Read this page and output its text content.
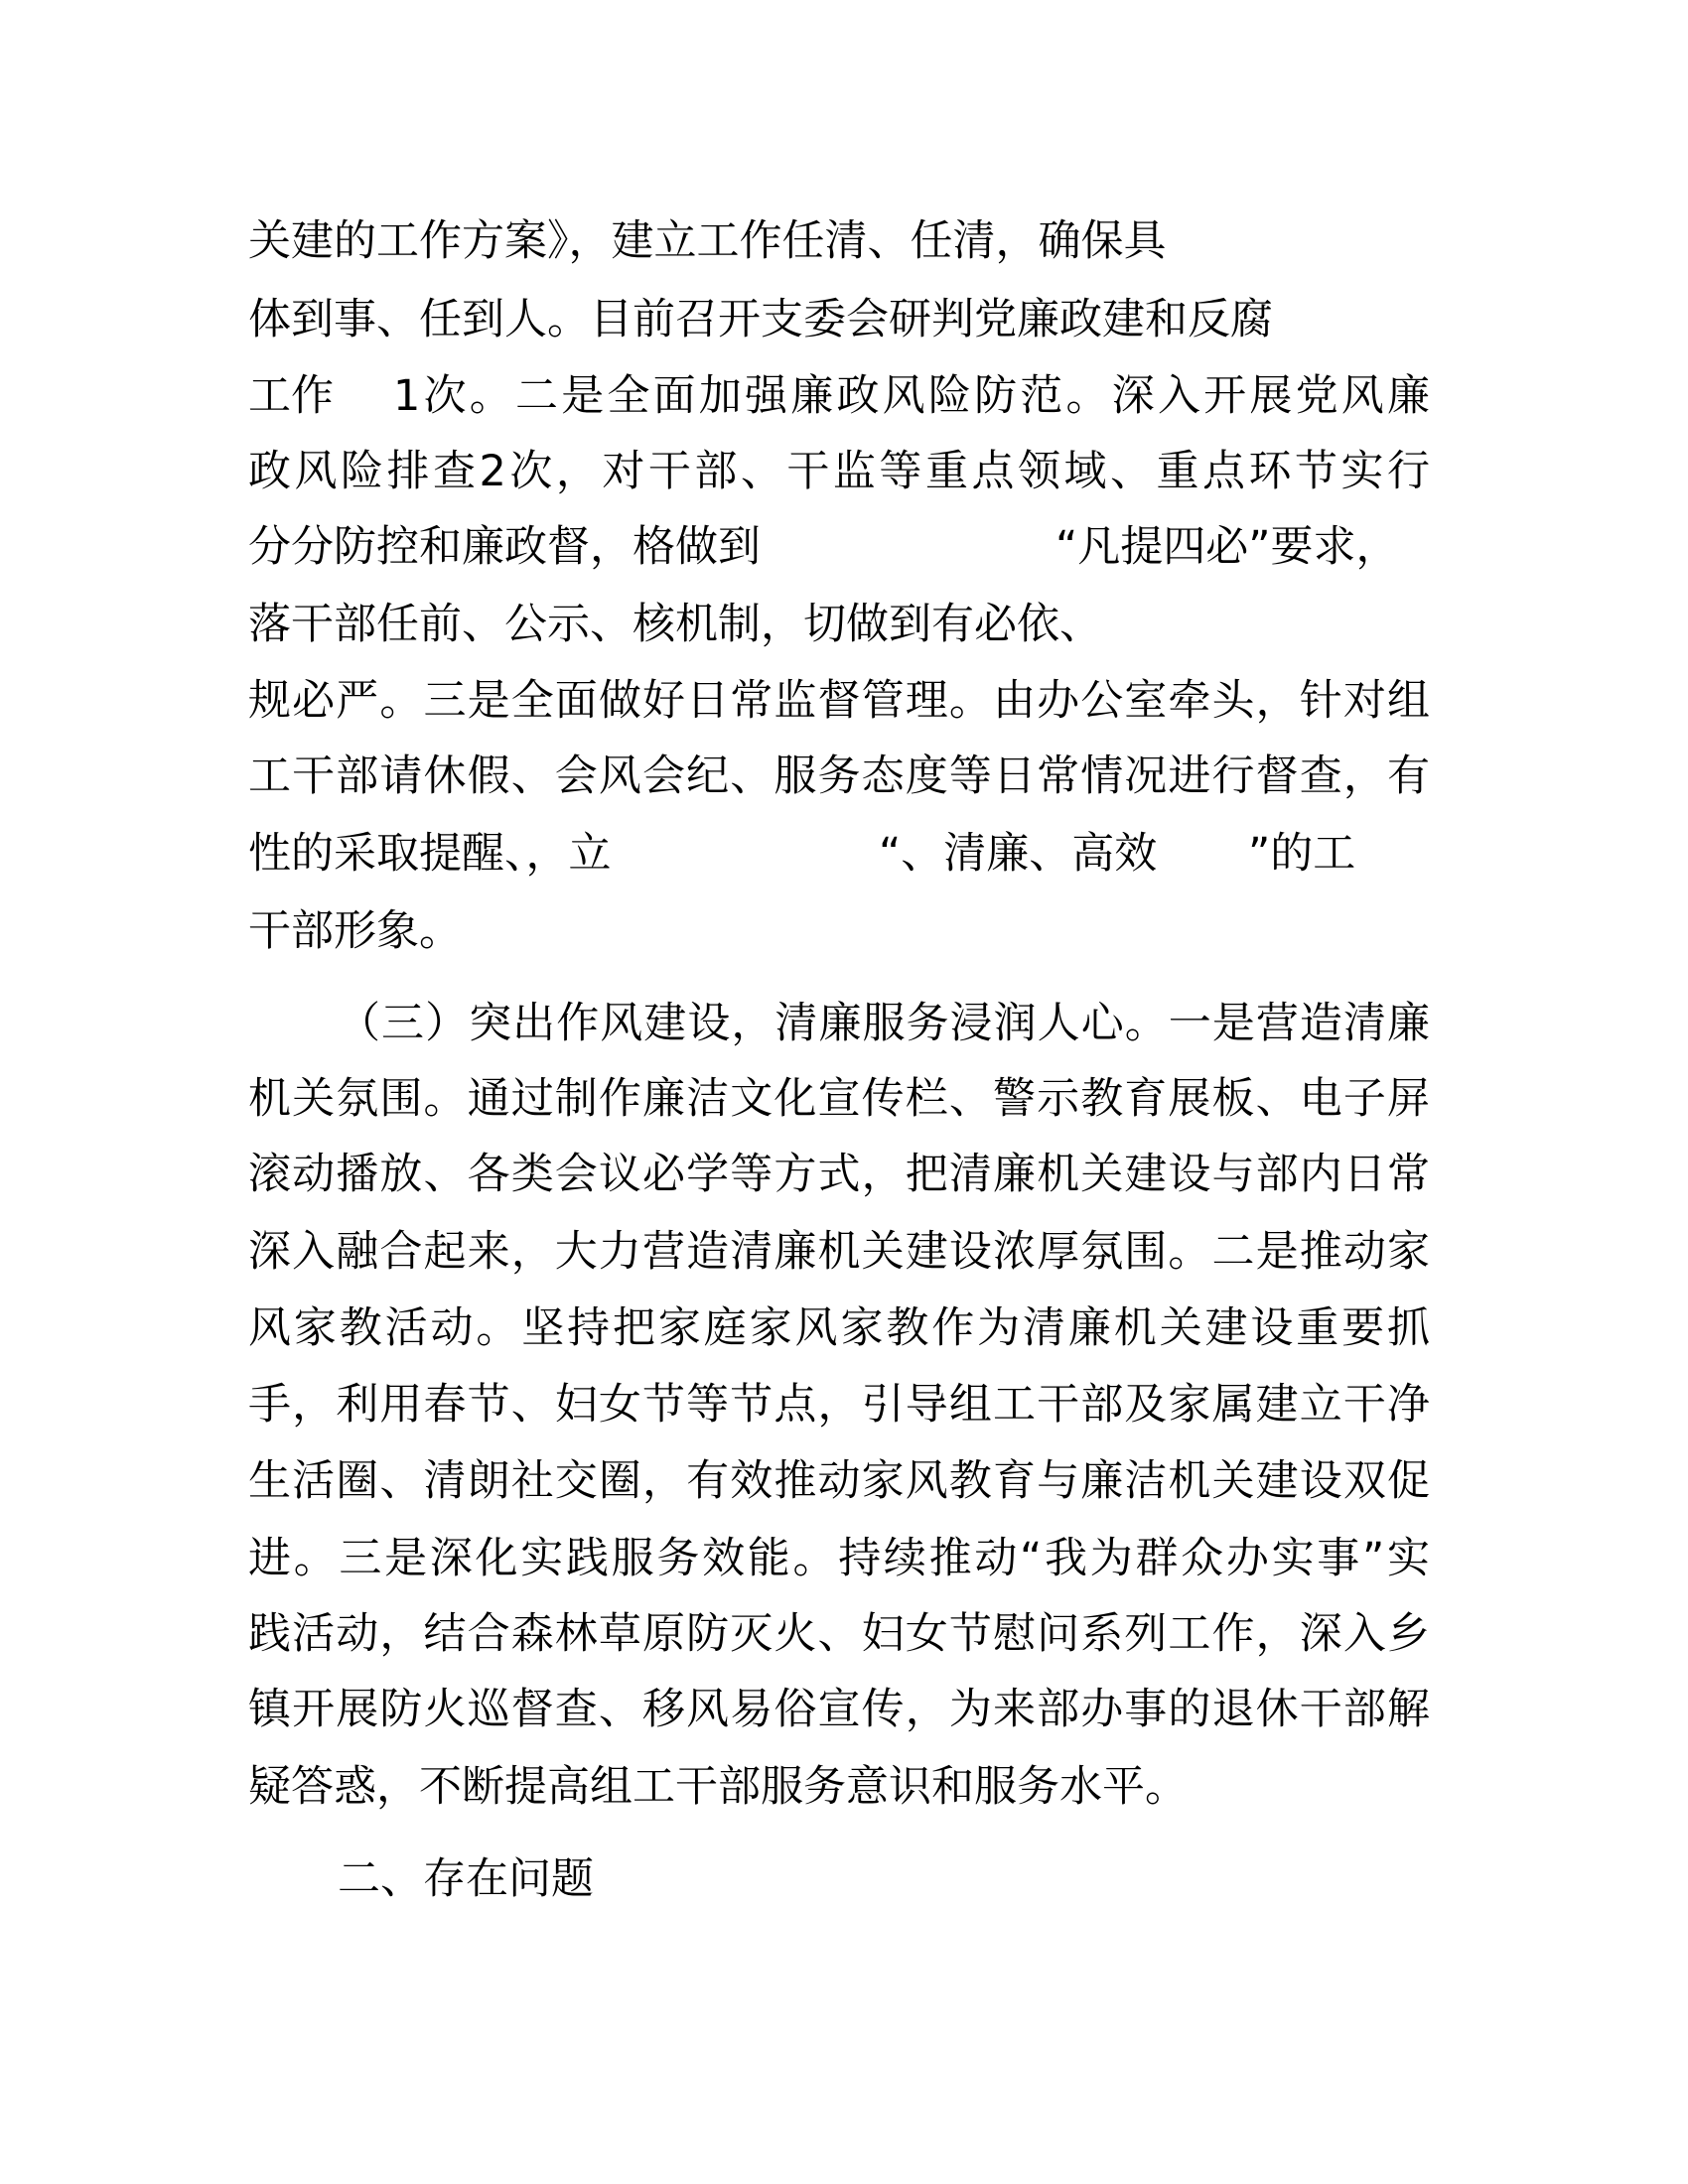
关建的工作方案》，建立工作任清、任清，确保具
体到事、任到人。目前召开支委会研判党廉政建和反腐
工作 1次。二是全面加强廉政风险防范。深入开展党风廉
政风险排查2次，对干部、干监等重点领域、重点环节实行
分分防控和廉政督，格做到	“凡提四必”要求，
落干部任前、公示、核机制，切做到有必依、
规必严。三是全面做好日常监督管理。由办公室牵头，针对组
工干部请休假、会风会纪、服务态度等日常情况进行督查，有
性的采取提醒、，立	“、清廉、高效 ”的工
干部形象。
（三）突出作风建设，清廉服务浸润人心。一是营造清廉
机关氛围。通过制作廉洁文化宣传栏、警示教育展板、电子屏
滚动播放、各类会议必学等方式，把清廉机关建设与部内日常
深入融合起来，大力营造清廉机关建设浓厚氛围。二是推动家
风家教活动。坚持把家庭家风家教作为清廉机关建设重要抓
手，利用春节、妇女节等节点，引导组工干部及家属建立干净
生活圈、清朗社交圈，有效推动家风教育与廉洁机关建设双促
进。三是深化实践服务效能。持续推动“我为群众办实事”实
践活动，结合森林草原防灭火、妇女节慰问系列工作，深入乡
镇开展防火巡督查、移风易俗宣传，为来部办事的退休干部解
疑答惑，不断提高组工干部服务意识和服务水平。
二、存在问题
